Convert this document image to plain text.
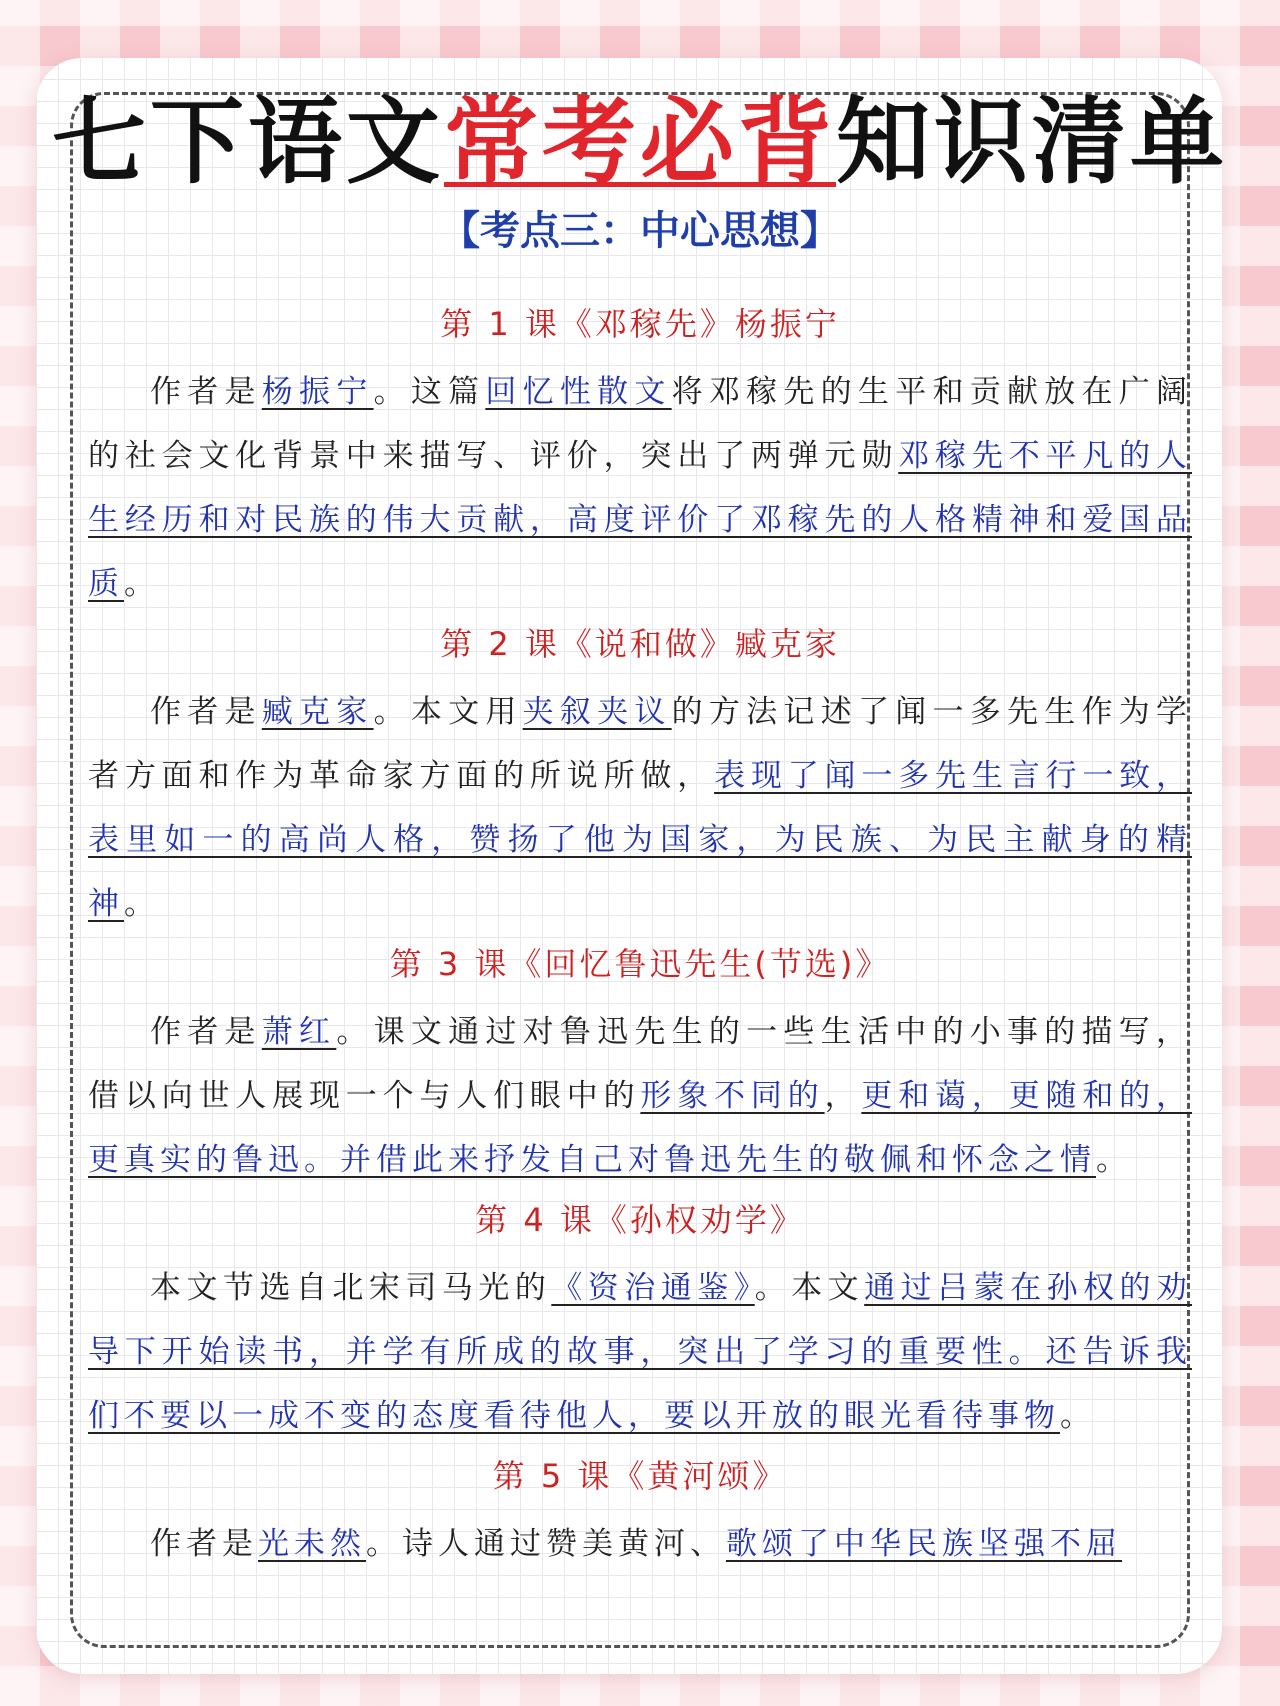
七下语文常考必背知识清单
【考点三：中心思想】
第 1 课《邓稼先》杨振宁
作者是杨振宁。这篇回忆性散文将邓稼先的生平和贡献放在广阔的社会文化背景中来描写、评价，突出了两弹元勋邓稼先不平凡的人生经历和对民族的伟大贡献，高度评价了邓稼先的人格精神和爱国品质。
第 2 课《说和做》臧克家
作者是臧克家。本文用夹叙夹议的方法记述了闻一多先生作为学者方面和作为革命家方面的所说所做，表现了闻一多先生言行一致，表里如一的高尚人格，赞扬了他为国家，为民族、为民主献身的精神。
第 3 课《回忆鲁迅先生(节选)》
作者是萧红。课文通过对鲁迅先生的一些生活中的小事的描写，借以向世人展现一个与人们眼中的形象不同的，更和蔼，更随和的，更真实的鲁迅。并借此来抒发自己对鲁迅先生的敬佩和怀念之情。
第 4 课《孙权劝学》
本文节选自北宋司马光的《资治通鉴》。本文通过吕蒙在孙权的劝导下开始读书，并学有所成的故事，突出了学习的重要性。还告诉我们不要以一成不变的态度看待他人，要以开放的眼光看待事物。
第 5 课《黄河颂》
作者是光未然。诗人通过赞美黄河、歌颂了中华民族坚强不屈
